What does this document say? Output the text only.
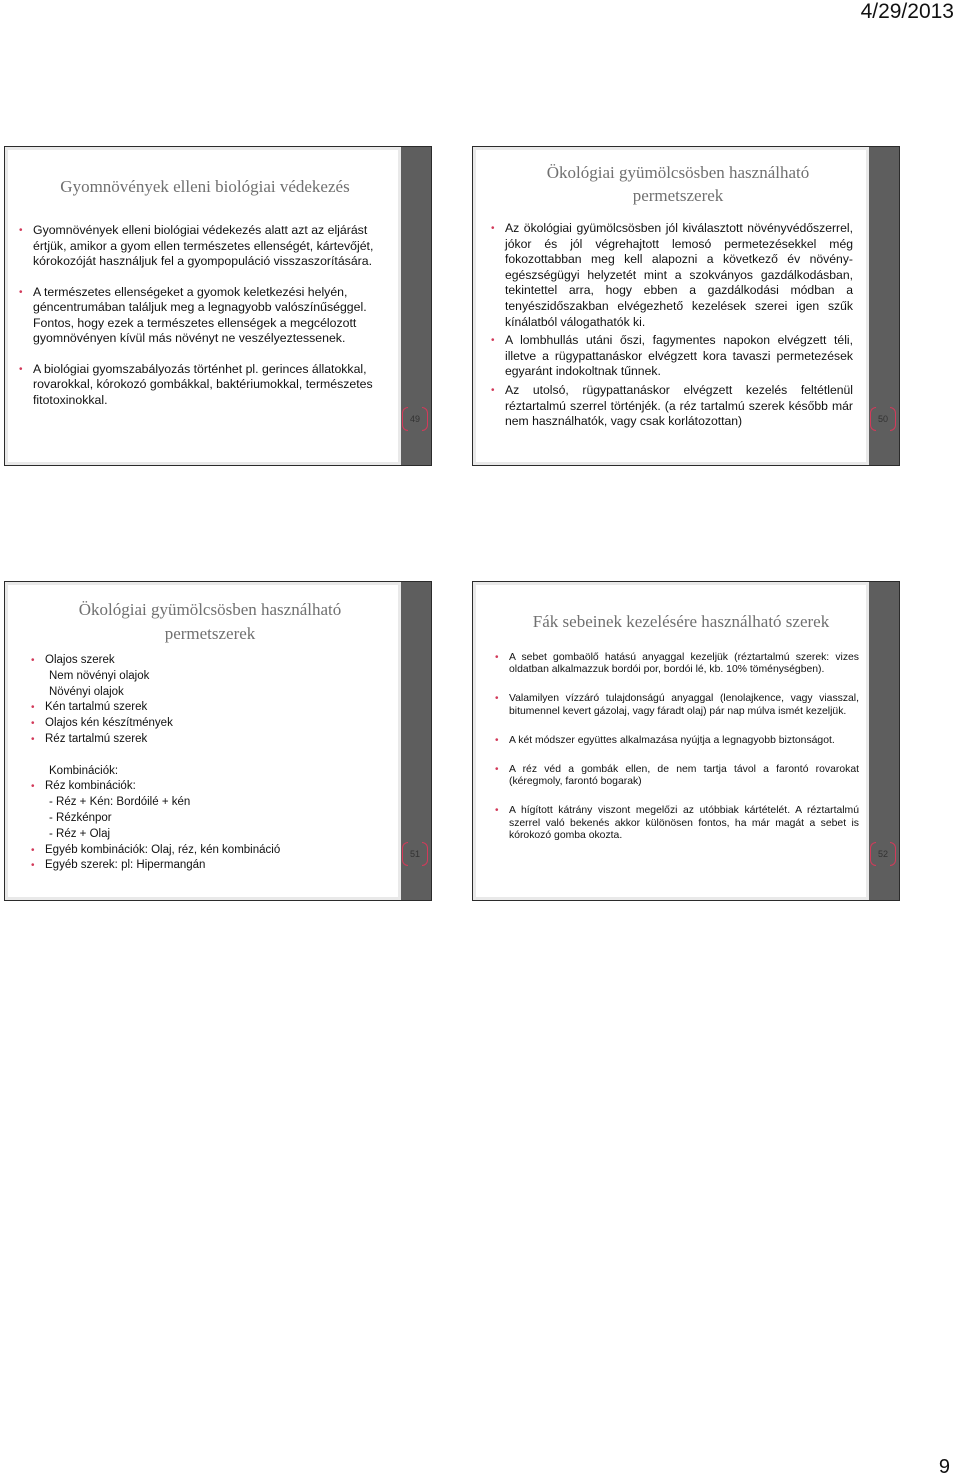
4/29/2013
Gyomnövények elleni biológiai védekezés
• Gyomnövények elleni biológiai védekezés alatt azt az eljárást értjük, amikor a gyom ellen természetes ellenségét, kártevőjét, kórokozóját használjuk fel a gyompopuláció visszaszorítására.
• A természetes ellenségeket a gyomok keletkezési helyén, géncentrumában találjuk meg a legnagyobb valószínűséggel. Fontos, hogy ezek a természetes ellenségek a megcélozott gyomnövényen kívül más növényt ne veszélyeztessenek.
• A biológiai gyomszabályozás történhet pl. gerinces állatokkal, rovarokkal, kórokozó gombákkal, baktériumokkal, természetes fitotoxinokkal.
49
Ökológiai gyümölcsösben használható permetszerek
• Az ökológiai gyümölcsösben jól kiválasztott növényvédőszerrel, jókor és jól végrehajtott lemosó permetezésekkel még fokozottabban meg kell alapozni a következő év növény-egészségügyi helyzetét mint a szokványos gazdálkodásban, tekintettel arra, hogy ebben a gazdálkodási módban a tenyészidőszakban elvégezhető kezelések szerei igen szűk kínálatból válogathatók ki.
• A lombhullás utáni őszi, fagymentes napokon elvégzett téli, illetve a rügypattanáskor elvégzett kora tavaszi permetezések egyaránt indokoltnak tűnnek.
• Az utolsó, rügypattanáskor elvégzett kezelés feltétlenül réztartalmú szerrel történjék. (a réz tartalmú szerek később már nem használhatók, vagy csak korlátozottan)	50
Ökológiai gyümölcsösben használható permetszerek
• Olajos szerek
Nem növényi olajok
Növényi olajok
• Kén tartalmú szerek
• Olajos kén készítmények
• Réz tartalmú szerek
Kombinációk:
• Réz kombinációk:
- Réz + Kén: Bordóilé + kén
- Rézkénpor
- Réz + Olaj
• Egyéb kombinációk: Olaj, réz, kén kombináció
• Egyéb szerek: pl: Hipermangán
51
Fák sebeinek kezelésére használható szerek
• A sebet gombaölő hatású anyaggal kezeljük (réztartalmú szerek: vizes oldatban alkalmazzuk bordói por, bordói lé, kb. 10% töménységben).
• Valamilyen vízzáró tulajdonságú anyaggal (lenolajkence, vagy viasszal, bitumennel kevert gázolaj, vagy fáradt olaj) pár nap múlva ismét kezeljük.
• A két módszer együttes alkalmazása nyújtja a legnagyobb biztonságot.
• A réz véd a gombák ellen, de nem tartja távol a farontó rovarokat (kéregmoly, farontó bogarak)
• A hígított kátrány viszont megelőzi az utóbbiak kártételét. A réztartalmú szerrel való bekenés akkor különösen fontos, ha már magát a sebet is kórokozó gomba okozta.
52
9
